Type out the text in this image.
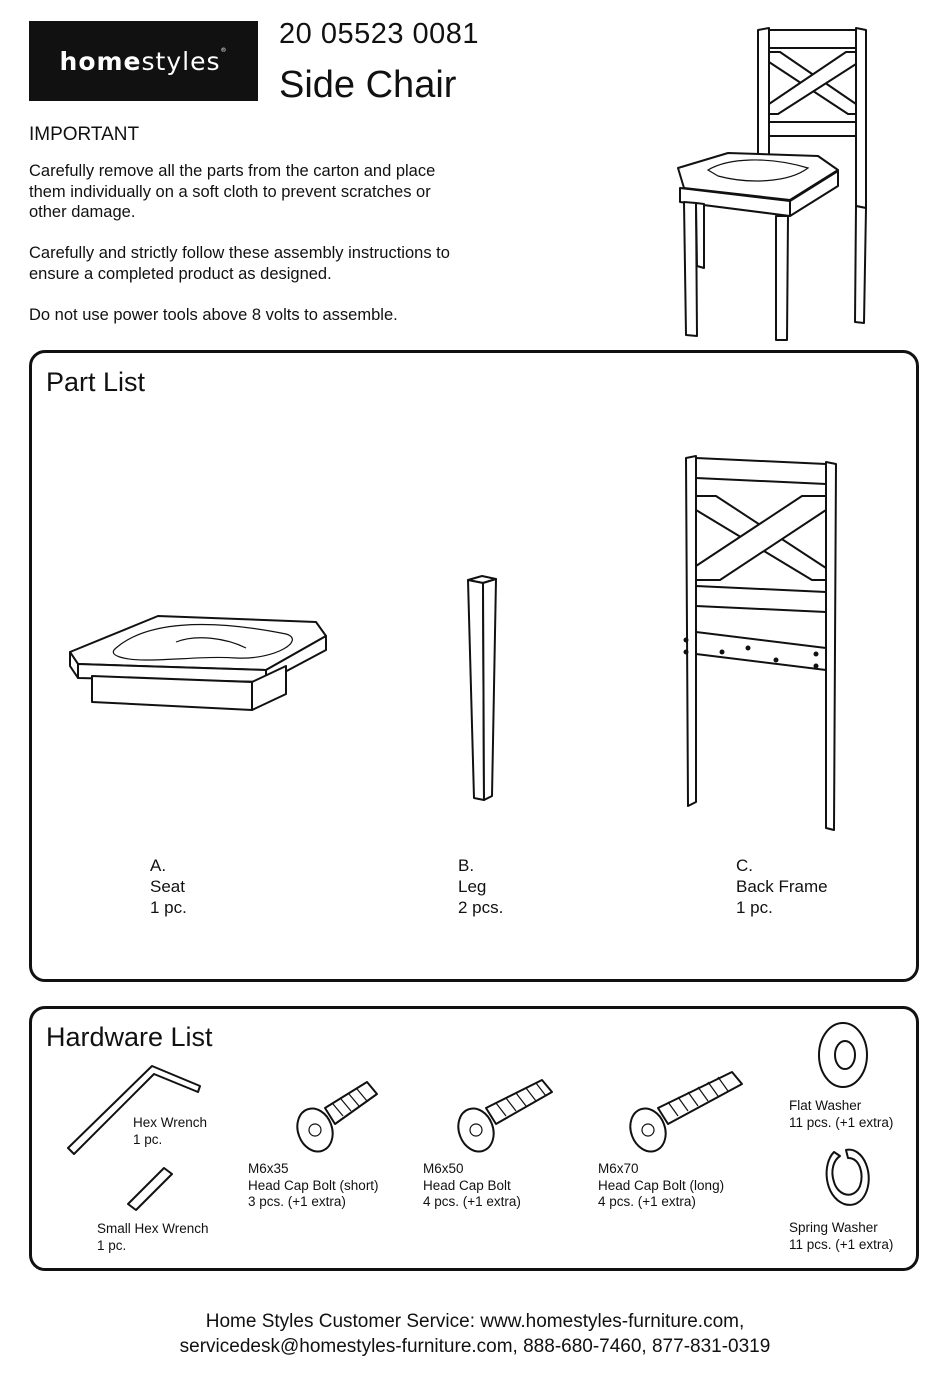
homestyles® 20 05523 0081
Side Chair
IMPORTANT
Carefully remove all the parts from the carton and place them individually on a soft cloth to prevent scratches or other damage.
Carefully and strictly follow these assembly instructions to ensure a completed product as designed.
Do not use power tools above 8 volts to assemble.
Part List
A.
Seat
1 pc.
B.
Leg
2 pcs.
C.
Back Frame
1 pc.
Hardware List
Hex Wrench
1 pc.
Small Hex Wrench
1 pc.
M6x35
Head Cap Bolt (short)
3 pcs. (+1 extra)
M6x50
Head Cap Bolt
4 pcs. (+1 extra)
M6x70
Head Cap Bolt (long)
4 pcs. (+1 extra)
Flat Washer
11 pcs. (+1 extra)
Spring Washer
11 pcs. (+1 extra)
Home Styles Customer Service: www.homestyles-furniture.com,
servicedesk@homestyles-furniture.com, 888-680-7460, 877-831-0319
